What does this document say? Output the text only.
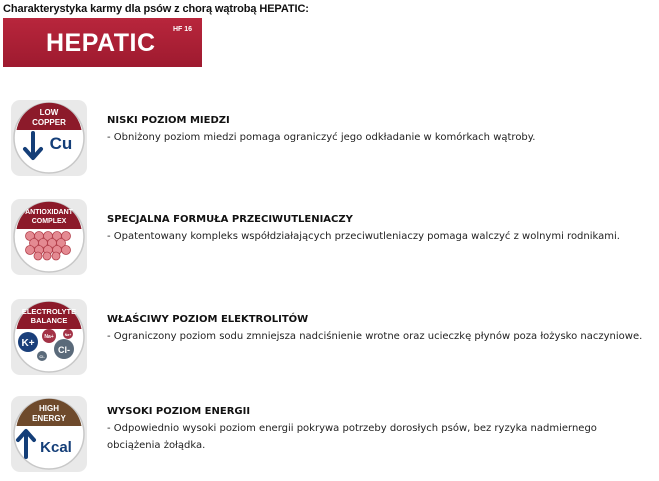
Charakterystyka karmy dla psów z chorą wątrobą HEPATIC:
HEPATIC HF 16
LOW
COPPER
Cu
NISKI POZIOM MIEDZI
- Obniżony poziom miedzi pomaga ograniczyć jego odkładanie w komórkach wątroby.
ANTIOXIDANT
COMPLEX	SPECJALNA FORMUŁA PRZECIWUTLENIACZY
- Opatentowany kompleks współdziałających przeciwutleniaczy pomaga walczyć z wolnymi rodnikami.
ELECTROLYTE
BALANCE
K+
Na+	Na+
Cl-
Cl-
WŁAŚCIWY POZIOM ELEKTROLITÓW
- Ograniczony poziom sodu zmniejsza nadciśnienie wrotne oraz ucieczkę płynów poza łożysko naczyniowe.
HIGH
ENERGY
Kcal
WYSOKI POZIOM ENERGII
- Odpowiednio wysoki poziom energii pokrywa potrzeby dorosłych psów, bez ryzyka nadmiernego obciążenia żołądka.
